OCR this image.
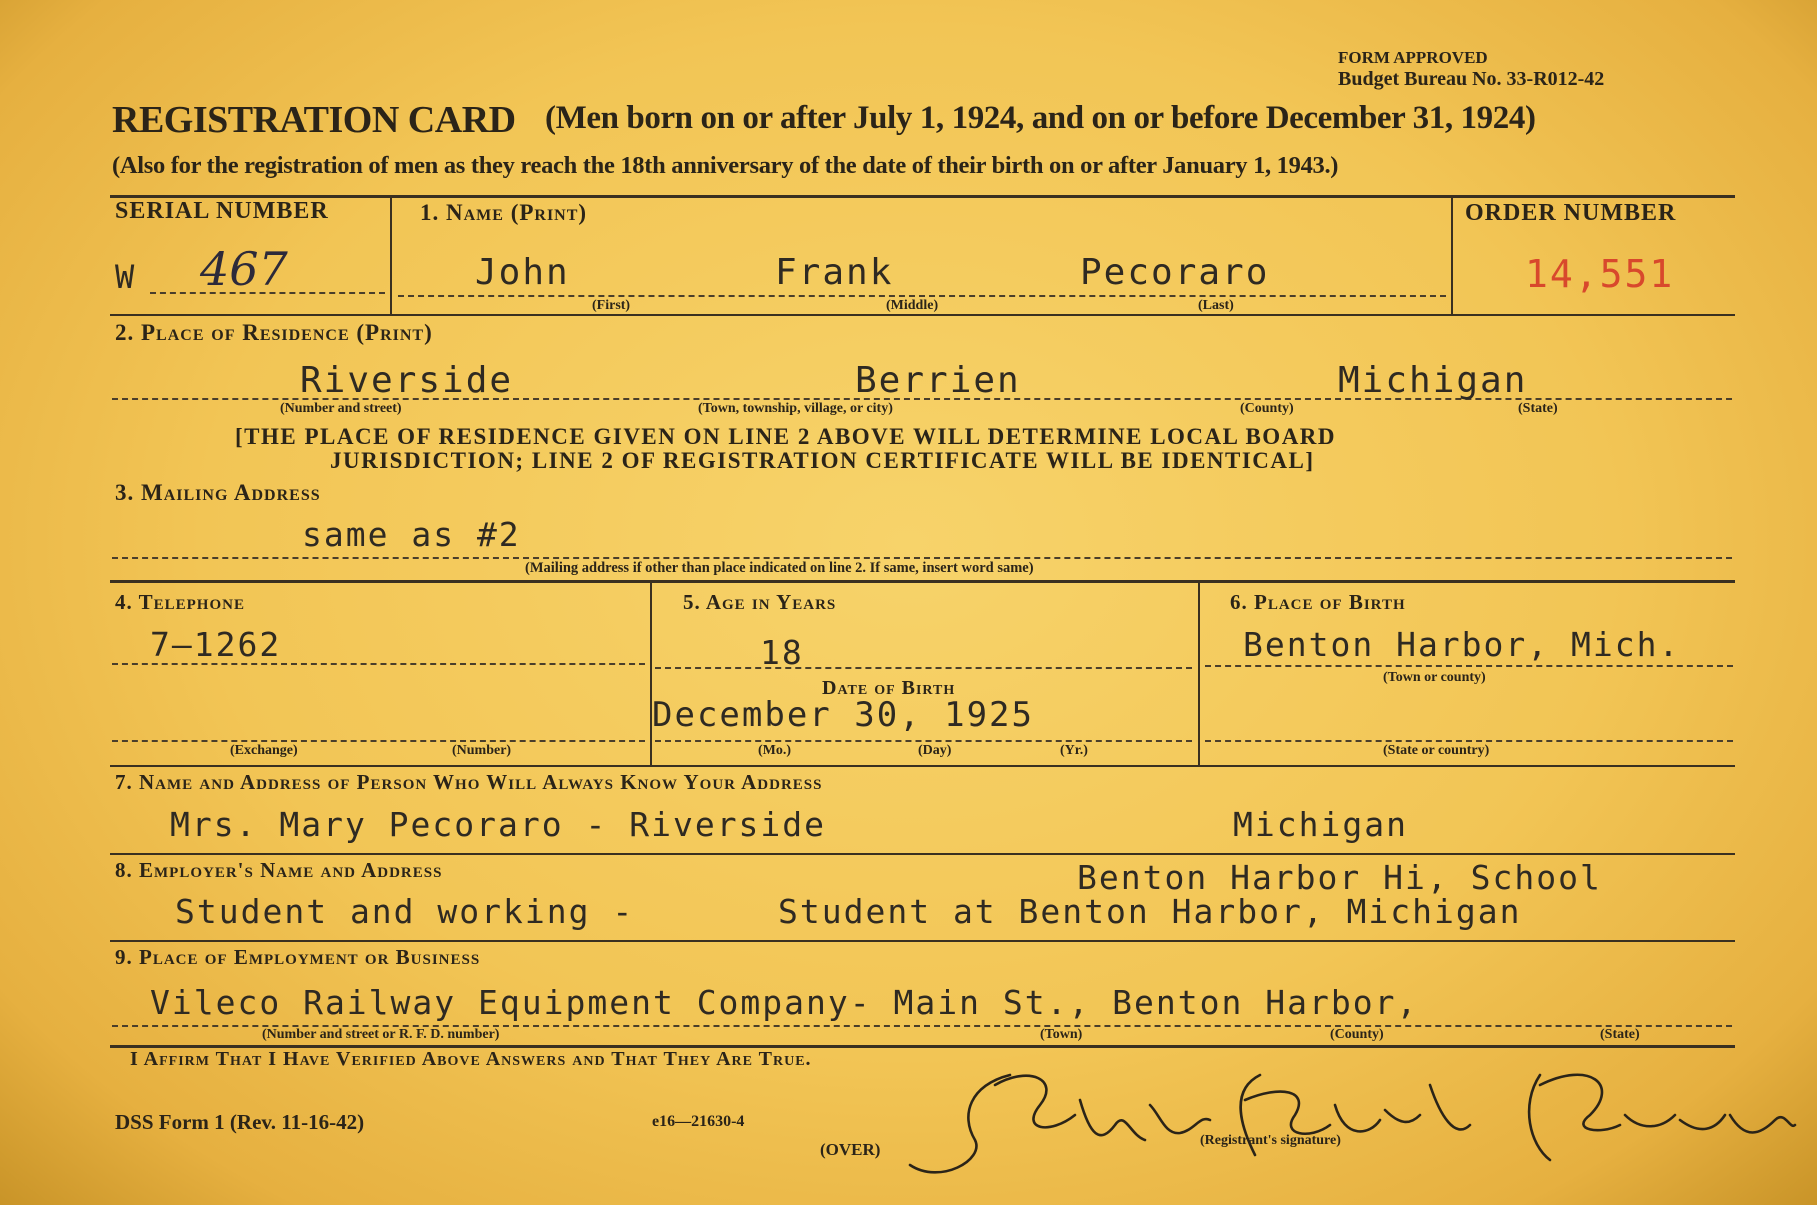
FORM APPROVED
Budget Bureau No. 33-R012-42
REGISTRATION CARD (Men born on or after July 1, 1924, and on or before December 31, 1924)
(Also for the registration of men as they reach the 18th anniversary of the date of their birth on or after January 1, 1943.)
SERIAL NUMBER
W 467
1. Name (Print)
John	Frank	Pecoraro
(First)	(Middle)	(Last)
ORDER NUMBER
14,551
2. Place of Residence (Print)
Riverside	Berrien	Michigan
(Number and street)	(Town, township, village, or city)	(County)	(State)
[THE PLACE OF RESIDENCE GIVEN ON LINE 2 ABOVE WILL DETERMINE LOCAL BOARD
JURISDICTION; LINE 2 OF REGISTRATION CERTIFICATE WILL BE IDENTICAL]
3. Mailing Address
same as #2
(Mailing address if other than place indicated on line 2. If same, insert word same)
4. Telephone
7–1262
(Exchange)	(Number)
5. Age in Years
18
Date of Birth
December 30, 1925
(Mo.)	(Day)	(Yr.)
6. Place of Birth
Benton Harbor, Mich.
(Town or county)
(State or country)
7. Name and Address of Person Who Will Always Know Your Address
Mrs. Mary Pecoraro - Riverside	Michigan
8. Employer's Name and Address	Benton Harbor Hi, School
Student and working -	Student at Benton Harbor, Michigan
9. Place of Employment or Business
Vileco Railway Equipment Company- Main St., Benton Harbor,
(Number and street or R. F. D. number)	(Town)	(County)	(State)
I Affirm That I Have Verified Above Answers and That They Are True.
DSS Form 1 (Rev. 11-16-42)	e16—21630-4
(OVER)	(Registrant's signature)
